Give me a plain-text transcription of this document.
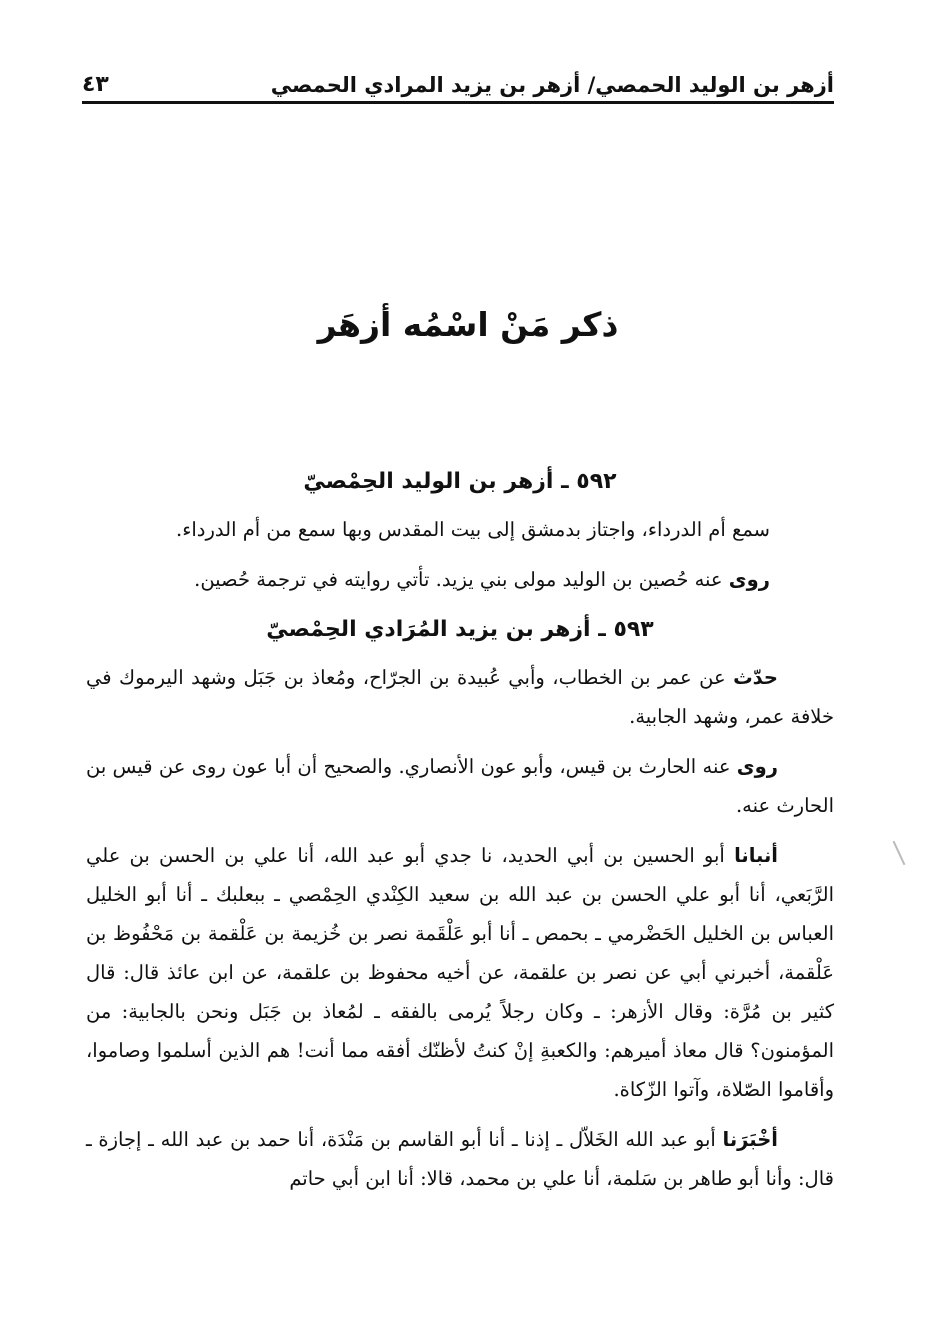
أزهر بن الوليد الحمصي/ أزهر بن يزيد المرادي الحمصي
٤٣
ذكر مَنْ اسْمُه أزهَر
٥٩٢ ـ أزهر بن الوليد الحِمْصيّ

سمع أم الدرداء، واجتاز بدمشق إلى بيت المقدس وبها سمع من أم الدرداء.

روى عنه حُصين بن الوليد مولى بني يزيد. تأتي روايته في ترجمة حُصين.

٥٩٣ ـ أزهر بن يزيد المُرَادي الحِمْصيّ

حدّث عن عمر بن الخطاب، وأبي عُبيدة بن الجرّاح، ومُعاذ بن جَبَل وشهد اليرموك في خلافة عمر، وشهد الجابية.

روى عنه الحارث بن قيس، وأبو عون الأنصاري. والصحيح أن أبا عون روى عن قيس بن الحارث عنه.

أنبانا أبو الحسين بن أبي الحديد، نا جدي أبو عبد الله، أنا علي بن الحسن بن علي الرَّبَعي، أنا أبو علي الحسن بن عبد الله بن سعيد الكِنْدي الحِمْصي ـ ببعلبك ـ أنا أبو الخليل العباس بن الخليل الحَضْرمي ـ بحمص ـ أنا أبو عَلْقَمة نصر بن خُزيمة بن عَلْقمة بن مَحْفُوظ بن عَلْقمة، أخبرني أبي عن نصر بن علقمة، عن أخيه محفوظ بن علقمة، عن ابن عائذ قال: قال كثير بن مُرَّة: وقال الأزهر: ـ وكان رجلاً يُرمى بالفقه ـ لمُعاذ بن جَبَل ونحن بالجابية: من المؤمنون؟ قال معاذ أميرهم: والكعبةِ إنْ كنتُ لأظنّك أفقه مما أنت! هم الذين أسلموا وصاموا، وأقاموا الصّلاة، وآتوا الزّكاة.

أخْبَرَنا أبو عبد الله الخَلاّل ـ إذنا ـ أنا أبو القاسم بن مَنْدَة، أنا حمد بن عبد الله ـ إجازة ـ قال: وأنا أبو طاهر بن سَلمة، أنا علي بن محمد، قالا: أنا ابن أبي حاتم
